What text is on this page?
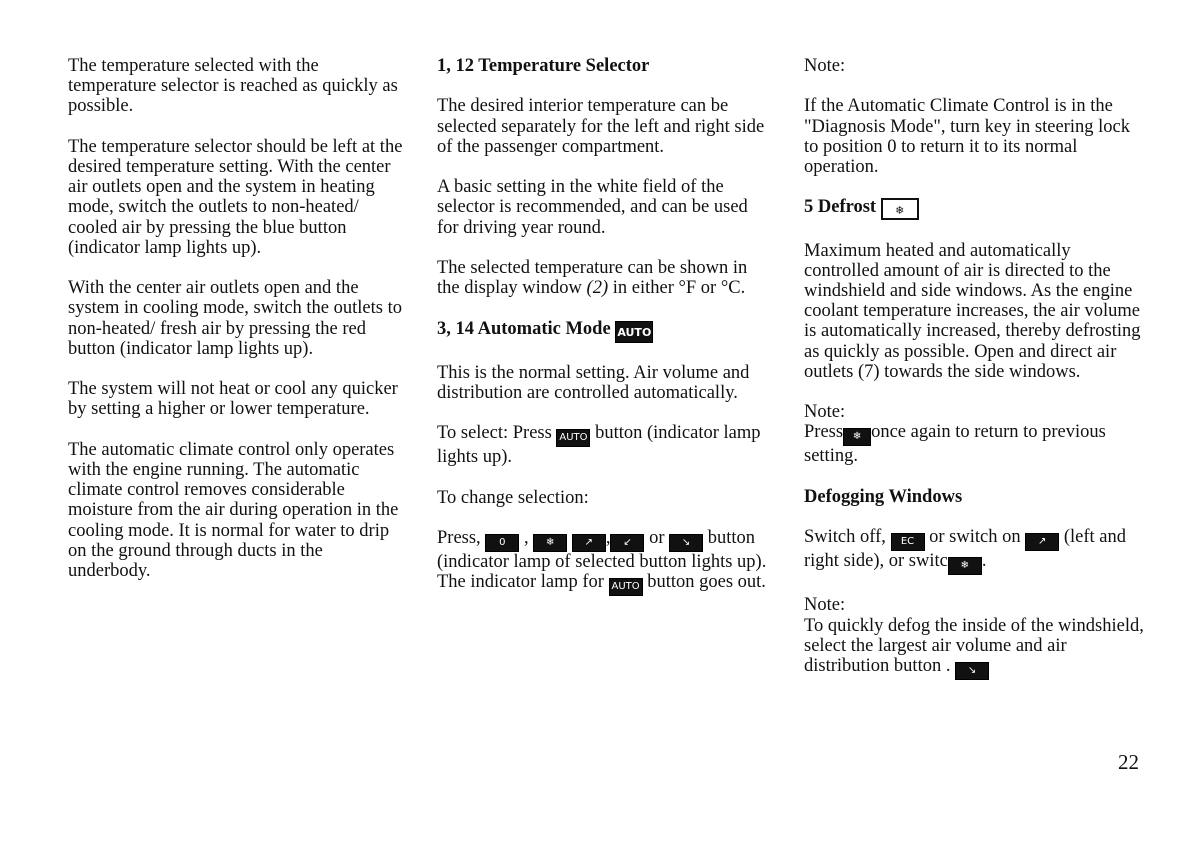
The temperature selected with the temperature selector is reached as quickly as possible.

The temperature selector should be left at the desired temperature setting. With the center air outlets open and the system in heating mode, switch the outlets to non-heated/ cooled air by pressing the blue button (indicator lamp lights up).

With the center air outlets open and the system in cooling mode, switch the outlets to non-heated/ fresh air by pressing the red button (indicator lamp lights up).

The system will not heat or cool any quicker by setting a higher or lower temperature.

The automatic climate control only operates with the engine running. The automatic climate control removes considerable moisture from the air during operation in the cooling mode. It is normal for water to drip on the ground through ducts in the underbody.

1, 12 Temperature Selector

The desired interior temperature can be selected separately for the left and right side of the passenger compartment.

A basic setting in the white field of the selector is recommended, and can be used for driving year round.

The selected temperature can be shown in the display window (2) in either °F or °C.

3, 14 Automatic Mode AUTO

This is the normal setting. Air volume and distribution are controlled automatically.

To select: Press AUTO button (indicator lamp lights up).

To change selection:

Press, 0 , ❄	↗ , ↙ or ↘ button (indicator lamp of selected button lights up). The indicator lamp for AUTO button goes out.

Note:

If the Automatic Climate Control is in the "Diagnosis Mode", turn key in steering lock to position 0 to return it to its normal operation.

5 Defrost ❄

Maximum heated and automatically controlled amount of air is directed to the windshield and side windows. As the engine coolant temperature increases, the air volume is automatically increased, thereby defrosting as quickly as possible. Open and direct air outlets (7) towards the side windows.

Note:
Press ❄ once again to return to previous setting.

Defogging Windows

Switch off, EC or switch on ↗ (left and right side), or switc ❄ .

Note:
To quickly defog the inside of the windshield, select the largest air volume and air distribution button . ↘

22
